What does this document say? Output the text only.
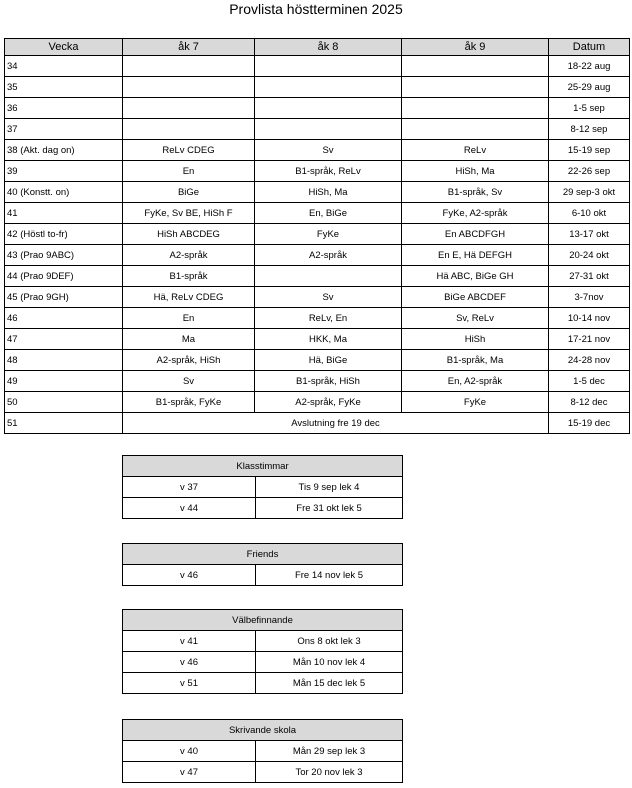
Provlista höstterminen 2025
Vecka	åk 7	åk 8	åk 9	Datum
34				18-22 aug
35				25-29 aug
36				1-5 sep
37				8-12 sep
38 (Akt. dag on)	ReLv CDEG	Sv	ReLv	15-19 sep
39	En	B1-språk, ReLv	HiSh, Ma	22-26 sep
40 (Konstt. on)	BiGe	HiSh, Ma	B1-språk, Sv	29 sep-3 okt
41	FyKe, Sv BE, HiSh F	En, BiGe	FyKe, A2-språk	6-10 okt
42 (Höstl to-fr)	HiSh ABCDEG	FyKe	En ABCDFGH	13-17 okt
43 (Prao 9ABC)	A2-språk	A2-språk	En E, Hä DEFGH	20-24 okt
44 (Prao 9DEF)	B1-språk		Hä ABC, BiGe GH	27-31 okt
45 (Prao 9GH)	Hä, ReLv CDEG	Sv	BiGe ABCDEF	3-7nov
46	En	ReLv, En	Sv, ReLv	10-14 nov
47	Ma	HKK, Ma	HiSh	17-21 nov
48	A2-språk, HiSh	Hä, BiGe	B1-språk, Ma	24-28 nov
49	Sv	B1-språk, HiSh	En, A2-språk	1-5 dec
50	B1-språk, FyKe	A2-språk, FyKe	FyKe	8-12 dec
51	Avslutning fre 19 dec			15-19 dec
Klasstimmar	
v 37	Tis 9 sep lek 4
v 44	Fre 31 okt lek 5
Friends
v 46	Fre 14 nov lek 5
Välbefinnande	
v 41	Ons 8 okt lek 3
v 46	Mån 10 nov lek 4
v 51	Mån 15 dec lek 5
Skrivande skola	
v 40	Mån 29 sep lek 3
v 47	Tor 20 nov lek 3
